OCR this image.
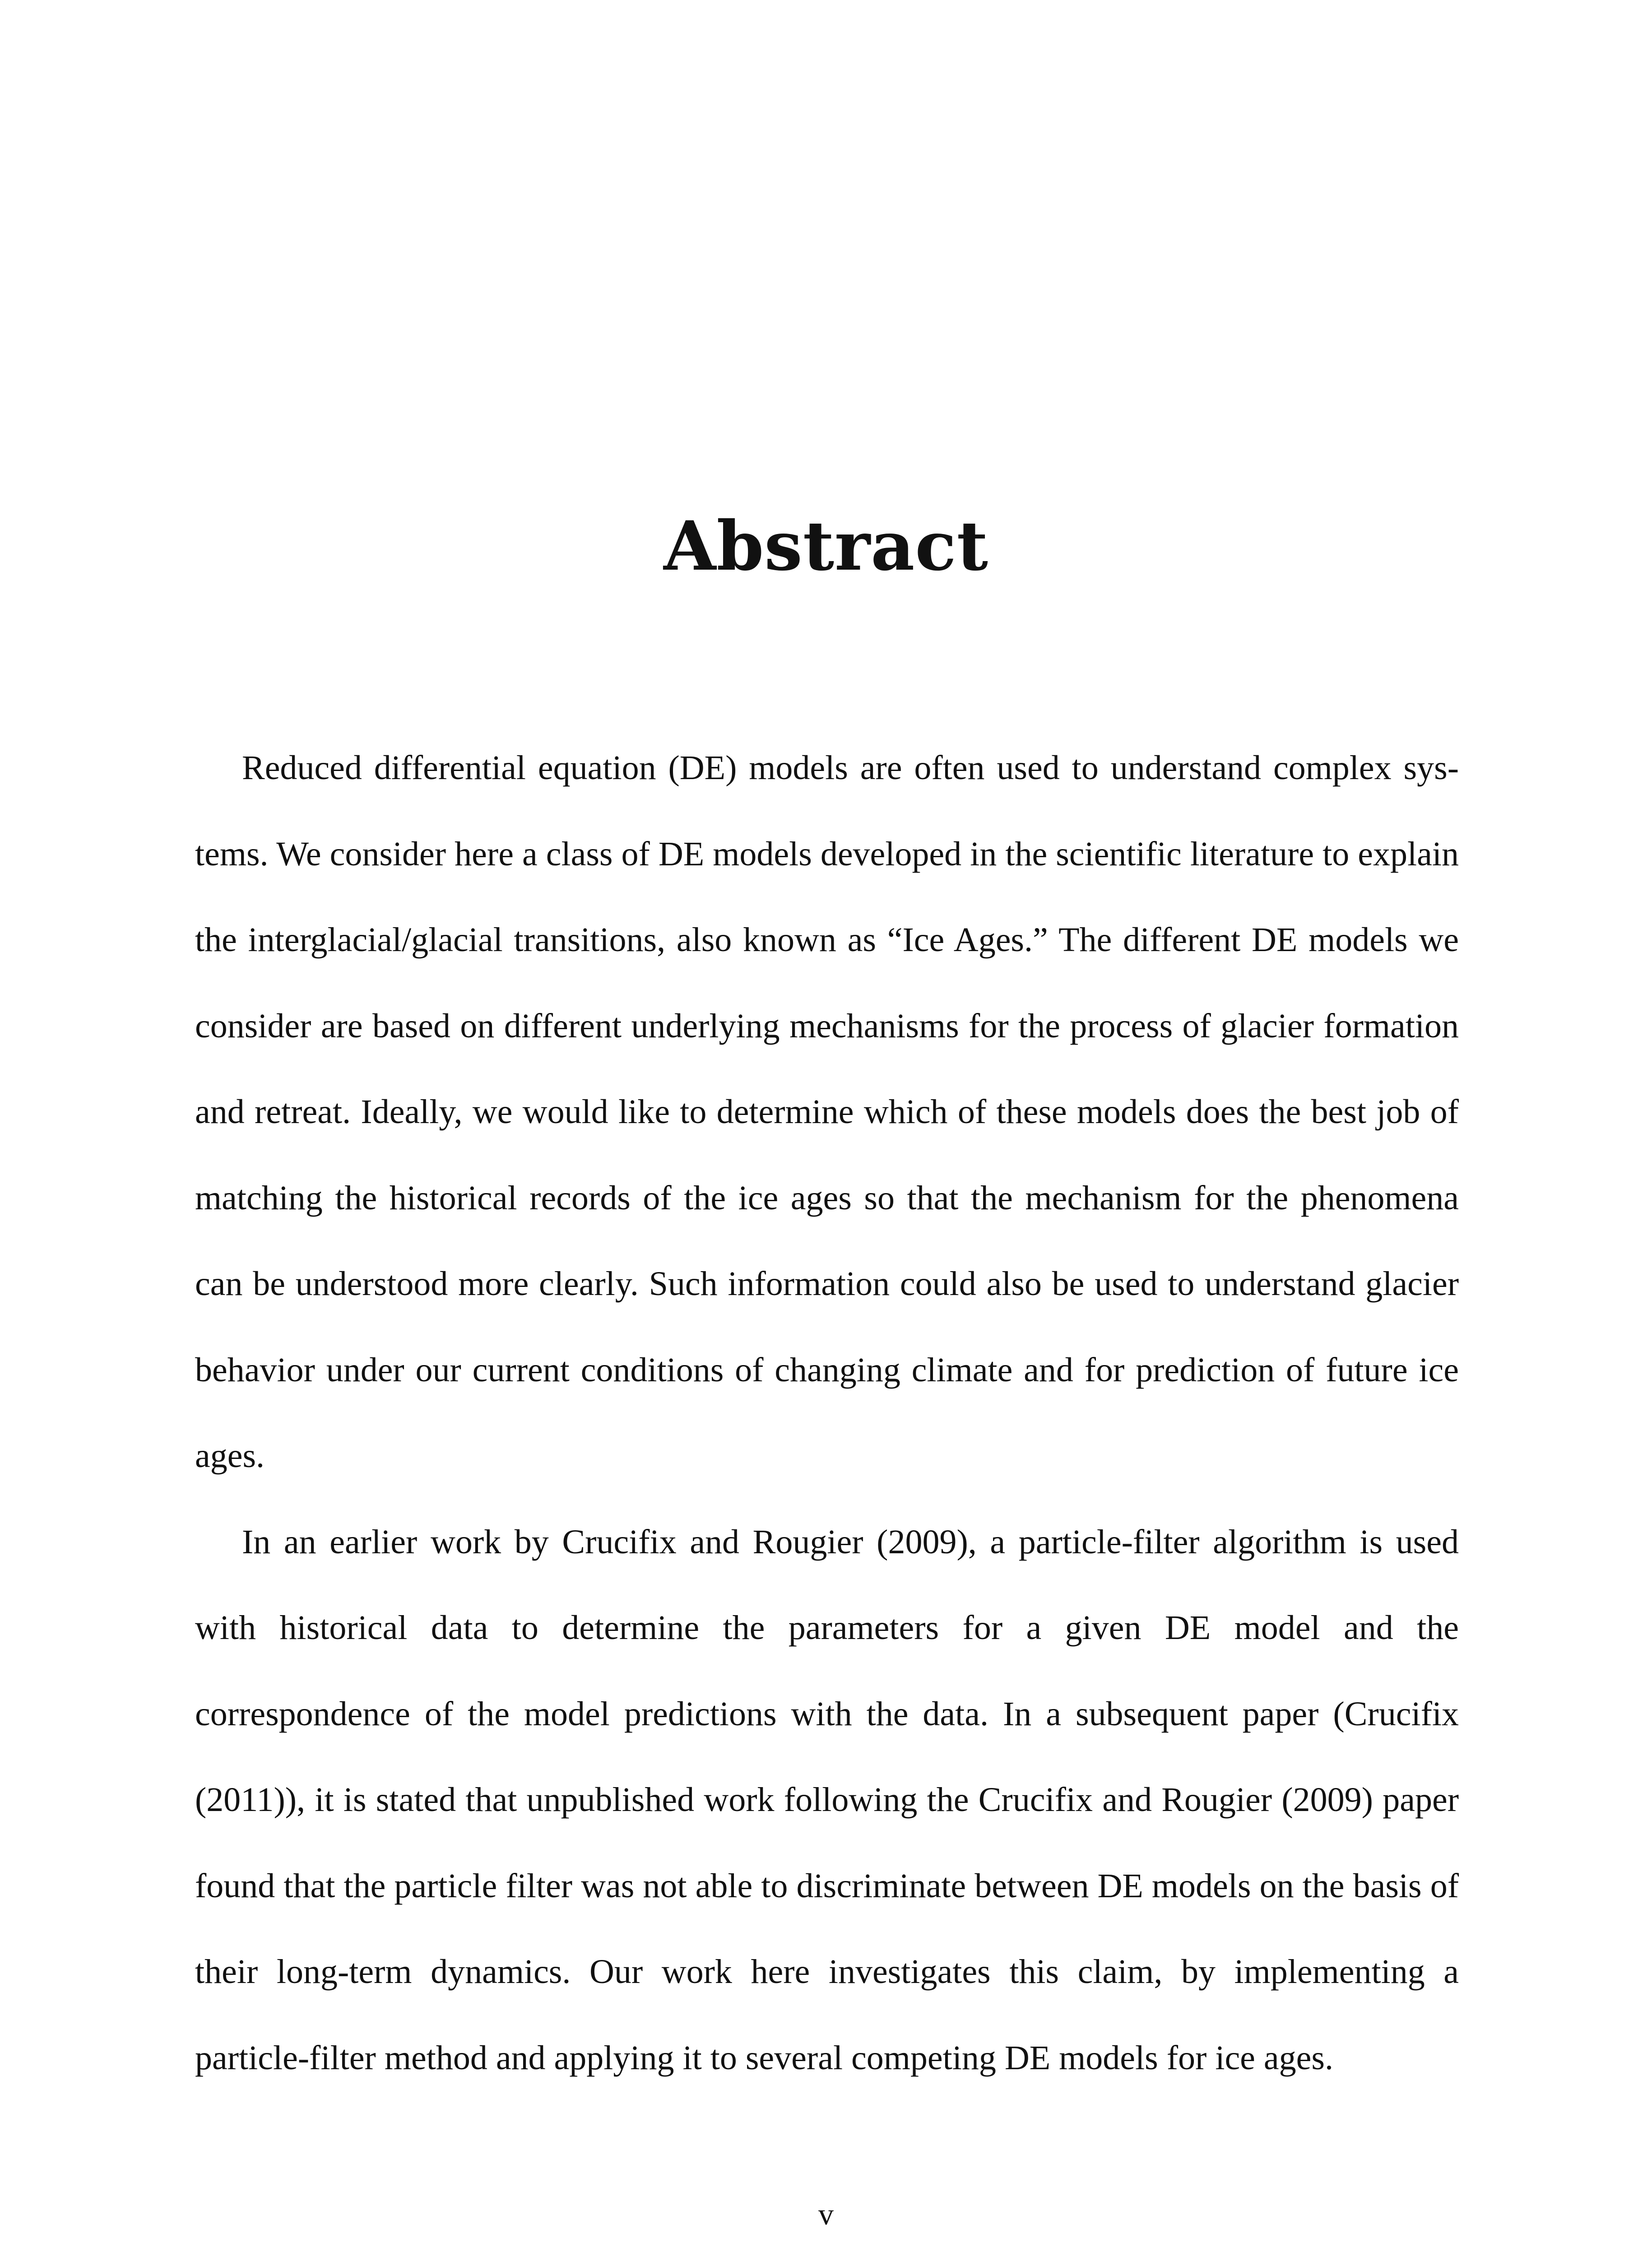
Abstract

Reduced differential equation (DE) models are often used to understand complex systems. We consider here a class of DE models developed in the scientific literature to explain the interglacial/glacial transitions, also known as “Ice Ages.” The different DE models we consider are based on different underlying mechanisms for the process of glacier formation and retreat. Ideally, we would like to determine which of these models does the best job of matching the historical records of the ice ages so that the mechanism for the phenomena can be understood more clearly. Such information could also be used to understand glacier behavior under our current conditions of changing climate and for prediction of future ice ages.

In an earlier work by Crucifix and Rougier (2009), a particle-filter algorithm is used with historical data to determine the parameters for a given DE model and the correspondence of the model predictions with the data. In a subsequent paper (Crucifix (2011)), it is stated that unpublished work following the Crucifix and Rougier (2009) paper found that the particle filter was not able to discriminate between DE models on the basis of their long-term dynamics. Our work here investigates this claim, by implementing a particle-filter method and applying it to several competing DE models for ice ages.

v
